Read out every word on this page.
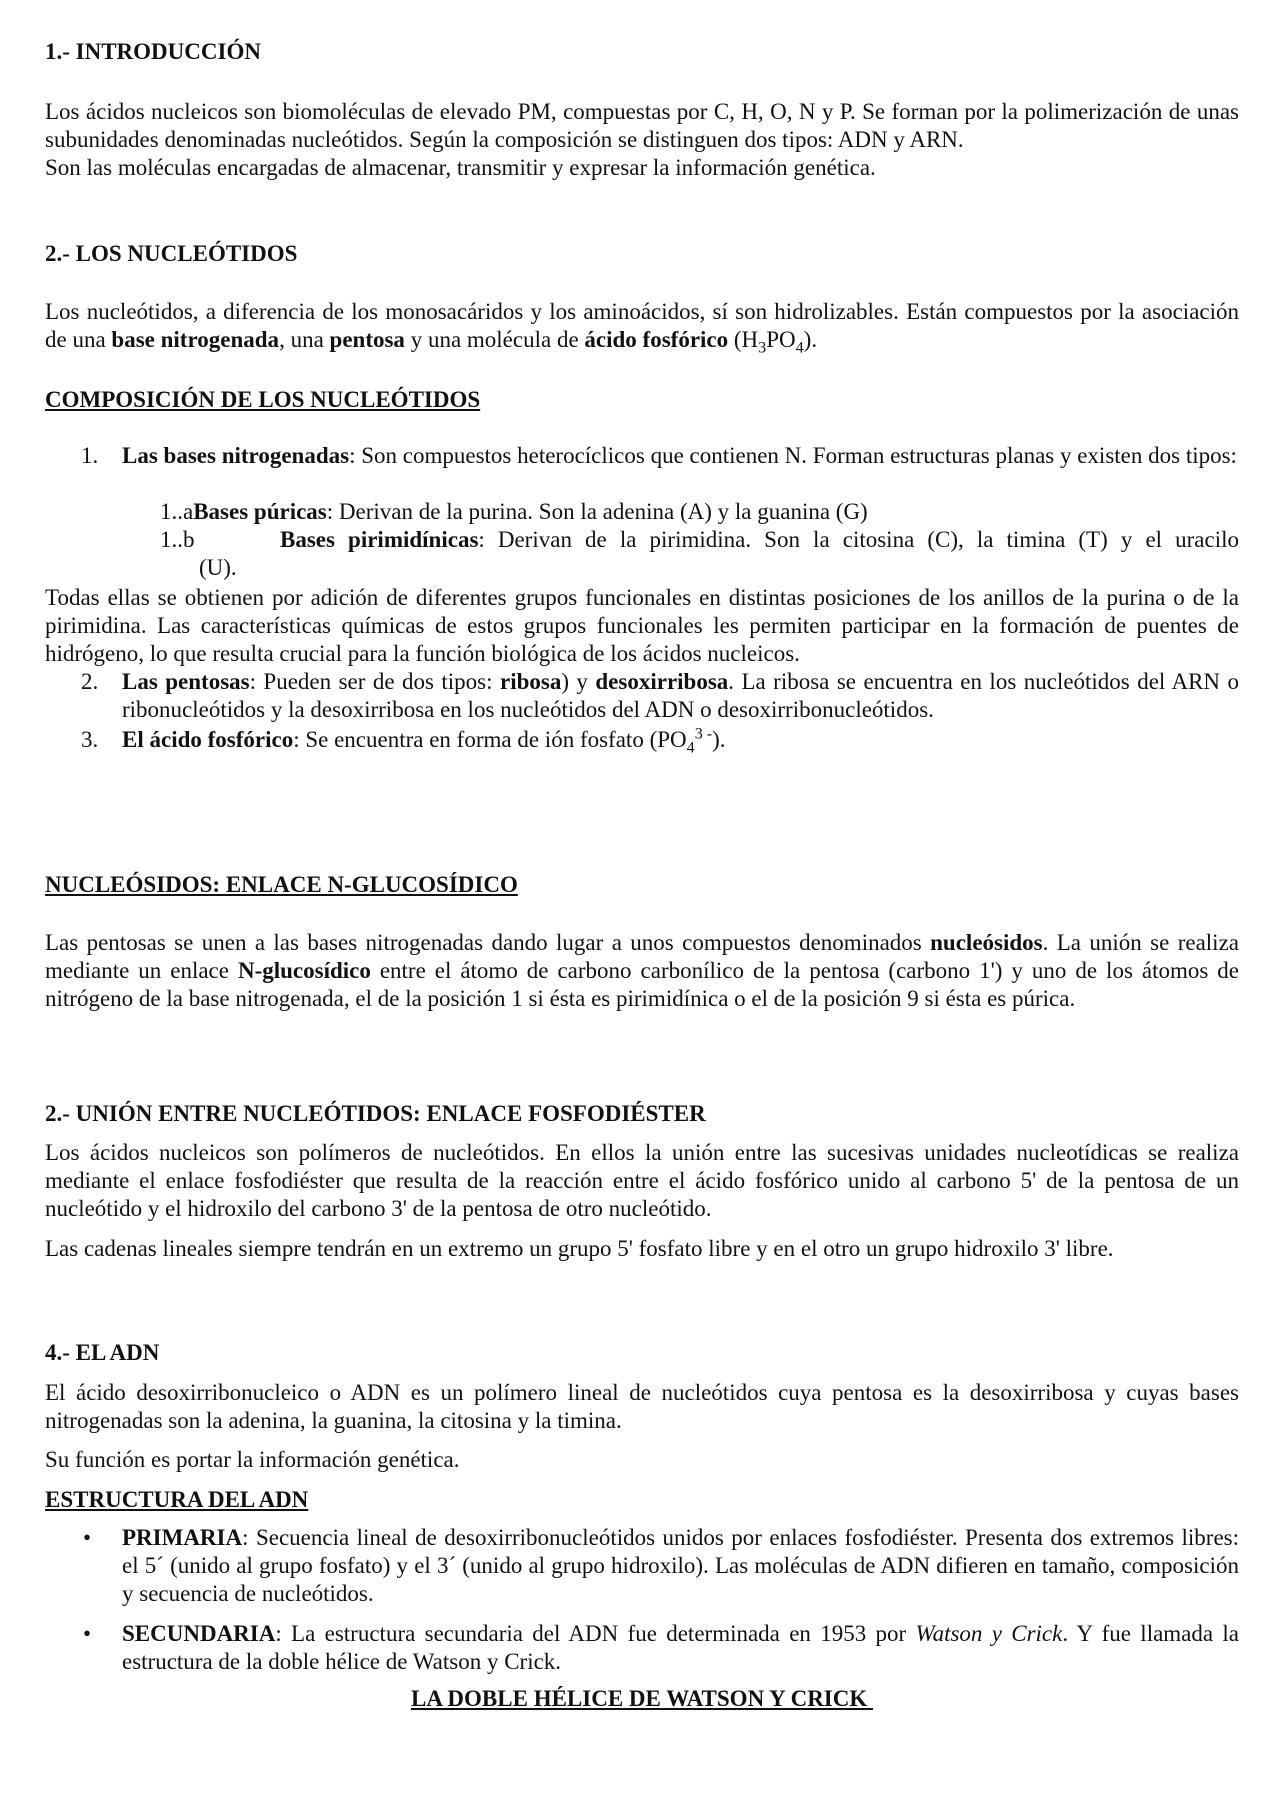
1.- INTRODUCCIÓN

Los ácidos nucleicos son biomoléculas de elevado PM, compuestas por C, H, O, N y P. Se forman por la polimerización de unas subunidades denominadas nucleótidos. Según la composición se distinguen dos tipos: ADN y ARN.

Son las moléculas encargadas de almacenar, transmitir y expresar la información genética.

2.- LOS NUCLEÓTIDOS

Los nucleótidos, a diferencia de los monosacáridos y los aminoácidos, sí son hidrolizables. Están compuestos por la asociación de una base nitrogenada, una pentosa y una molécula de ácido fosfórico $(H_3PO_4)$.

COMPOSICIÓN DE LOS NUCLEÓTIDOS

1. Las bases nitrogenadas: Son compuestos heterocíclicos que contienen N. Forman estructuras planas y existen dos tipos:

1..aBases púricas: Derivan de la purina. Son la adenina (A) y la guanina (G)
1..b	Bases pirimidínicas: Derivan de la pirimidina. Son la citosina (C), la timina (T) y el uracilo
(U).

Todas ellas se obtienen por adición de diferentes grupos funcionales en distintas posiciones de los anillos de la purina o de la pirimidina. Las características químicas de estos grupos funcionales les permiten participar en la formación de puentes de hidrógeno, lo que resulta crucial para la función biológica de los ácidos nucleicos.

2. Las pentosas: Pueden ser de dos tipos: ribosa) y desoxirribosa. La ribosa se encuentra en los nucleótidos del ARN o ribonucleótidos y la desoxirribosa en los nucleótidos del ADN o desoxirribonucleótidos.

3. El ácido fosfórico: Se encuentra en forma de ión fosfato $(PO_4^{3 -})$.

NUCLEÓSIDOS: ENLACE N-GLUCOSÍDICO

Las pentosas se unen a las bases nitrogenadas dando lugar a unos compuestos denominados nucleósidos. La unión se realiza mediante un enlace N-glucosídico entre el átomo de carbono carbonílico de la pentosa (carbono 1') y uno de los átomos de nitrógeno de la base nitrogenada, el de la posición 1 si ésta es pirimidínica o el de la posición 9 si ésta es púrica.

2.- UNIÓN ENTRE NUCLEÓTIDOS: ENLACE FOSFODIÉSTER

Los ácidos nucleicos son polímeros de nucleótidos. En ellos la unión entre las sucesivas unidades nucleotídicas se realiza mediante el enlace fosfodiéster que resulta de la reacción entre el ácido fosfórico unido al carbono 5' de la pentosa de un nucleótido y el hidroxilo del carbono 3' de la pentosa de otro nucleótido.

Las cadenas lineales siempre tendrán en un extremo un grupo 5' fosfato libre y en el otro un grupo hidroxilo 3' libre.

4.- EL ADN

El ácido desoxirribonucleico o ADN es un polímero lineal de nucleótidos cuya pentosa es la desoxirribosa y cuyas bases nitrogenadas son la adenina, la guanina, la citosina y la timina.

Su función es portar la información genética.

ESTRUCTURA DEL ADN

• PRIMARIA: Secuencia lineal de desoxirribonucleótidos unidos por enlaces fosfodiéster. Presenta dos extremos libres: el 5´ (unido al grupo fosfato) y el 3´ (unido al grupo hidroxilo). Las moléculas de ADN difieren en tamaño, composición y secuencia de nucleótidos.

• SECUNDARIA: La estructura secundaria del ADN fue determinada en 1953 por Watson y Crick. Y fue llamada la estructura de la doble hélice de Watson y Crick.

LA DOBLE HÉLICE DE WATSON Y CRICK
